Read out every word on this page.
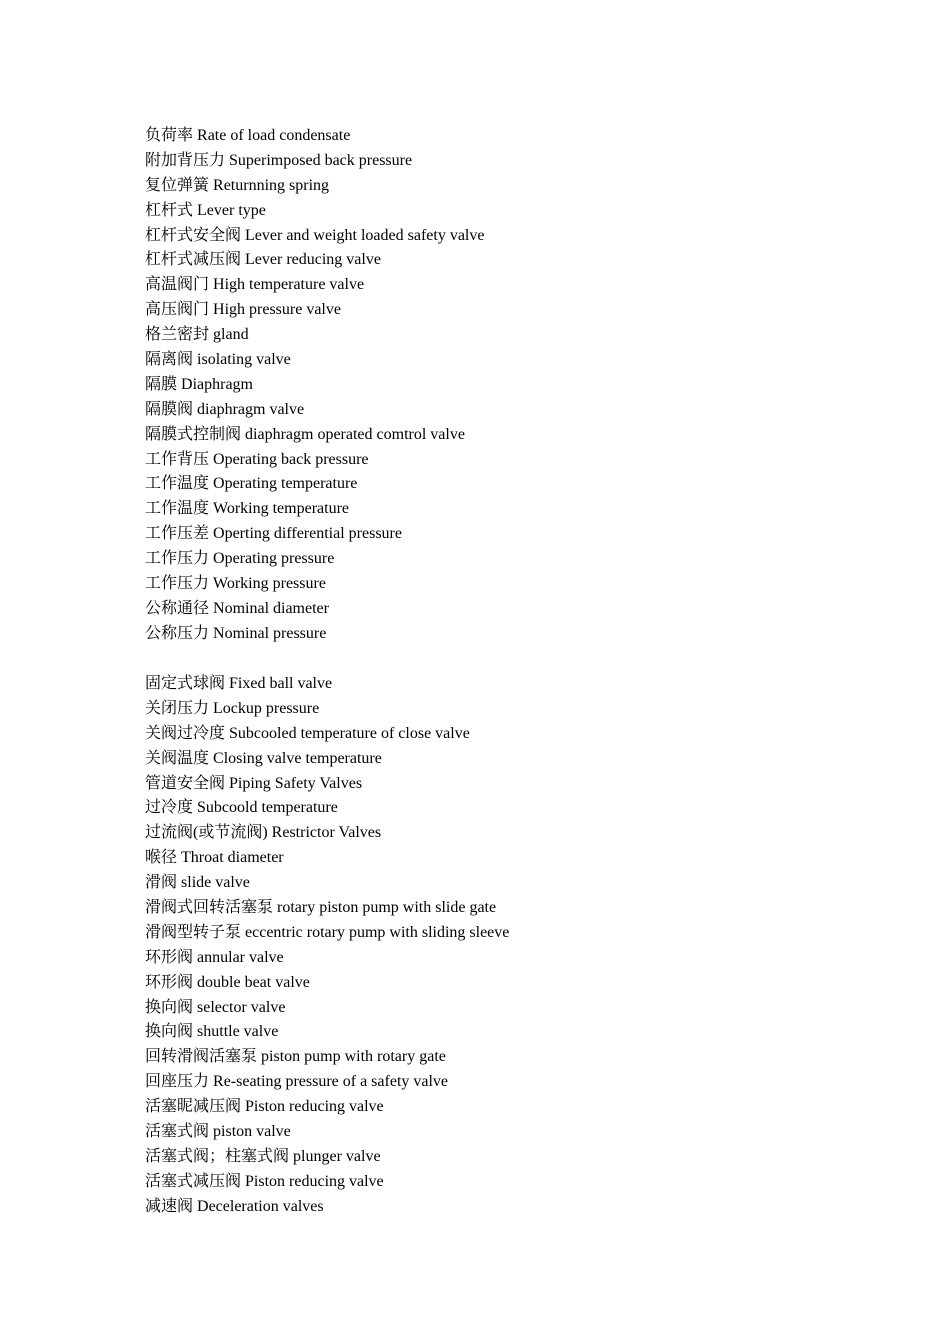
负荷率 Rate of load condensate
附加背压力 Superimposed back pressure
复位弹簧 Returnning spring
杠杆式 Lever type
杠杆式安全阀 Lever and weight loaded safety valve
杠杆式减压阀 Lever reducing valve
高温阀门 High temperature valve
高压阀门 High pressure valve
格兰密封 gland
隔离阀 isolating valve
隔膜 Diaphragm
隔膜阀 diaphragm valve
隔膜式控制阀 diaphragm operated comtrol valve
工作背压 Operating back pressure
工作温度 Operating temperature
工作温度 Working temperature
工作压差 Operting differential pressure
工作压力 Operating pressure
工作压力 Working pressure
公称通径 Nominal diameter
公称压力 Nominal pressure
固定式球阀 Fixed ball valve
关闭压力 Lockup pressure
关阀过冷度 Subcooled temperature of close valve
关阀温度 Closing valve temperature
管道安全阀 Piping Safety Valves
过冷度 Subcoold temperature
过流阀(或节流阀) Restrictor Valves
喉径 Throat diameter
滑阀 slide valve
滑阀式回转活塞泵 rotary piston pump with slide gate
滑阀型转子泵 eccentric rotary pump with sliding sleeve
环形阀 annular valve
环形阀 double beat valve
换向阀 selector valve
换向阀 shuttle valve
回转滑阀活塞泵 piston pump with rotary gate
回座压力 Re-seating pressure of a safety valve
活塞昵减压阀 Piston reducing valve
活塞式阀 piston valve
活塞式阀；柱塞式阀 plunger valve
活塞式减压阀 Piston reducing valve
减速阀 Deceleration valves
